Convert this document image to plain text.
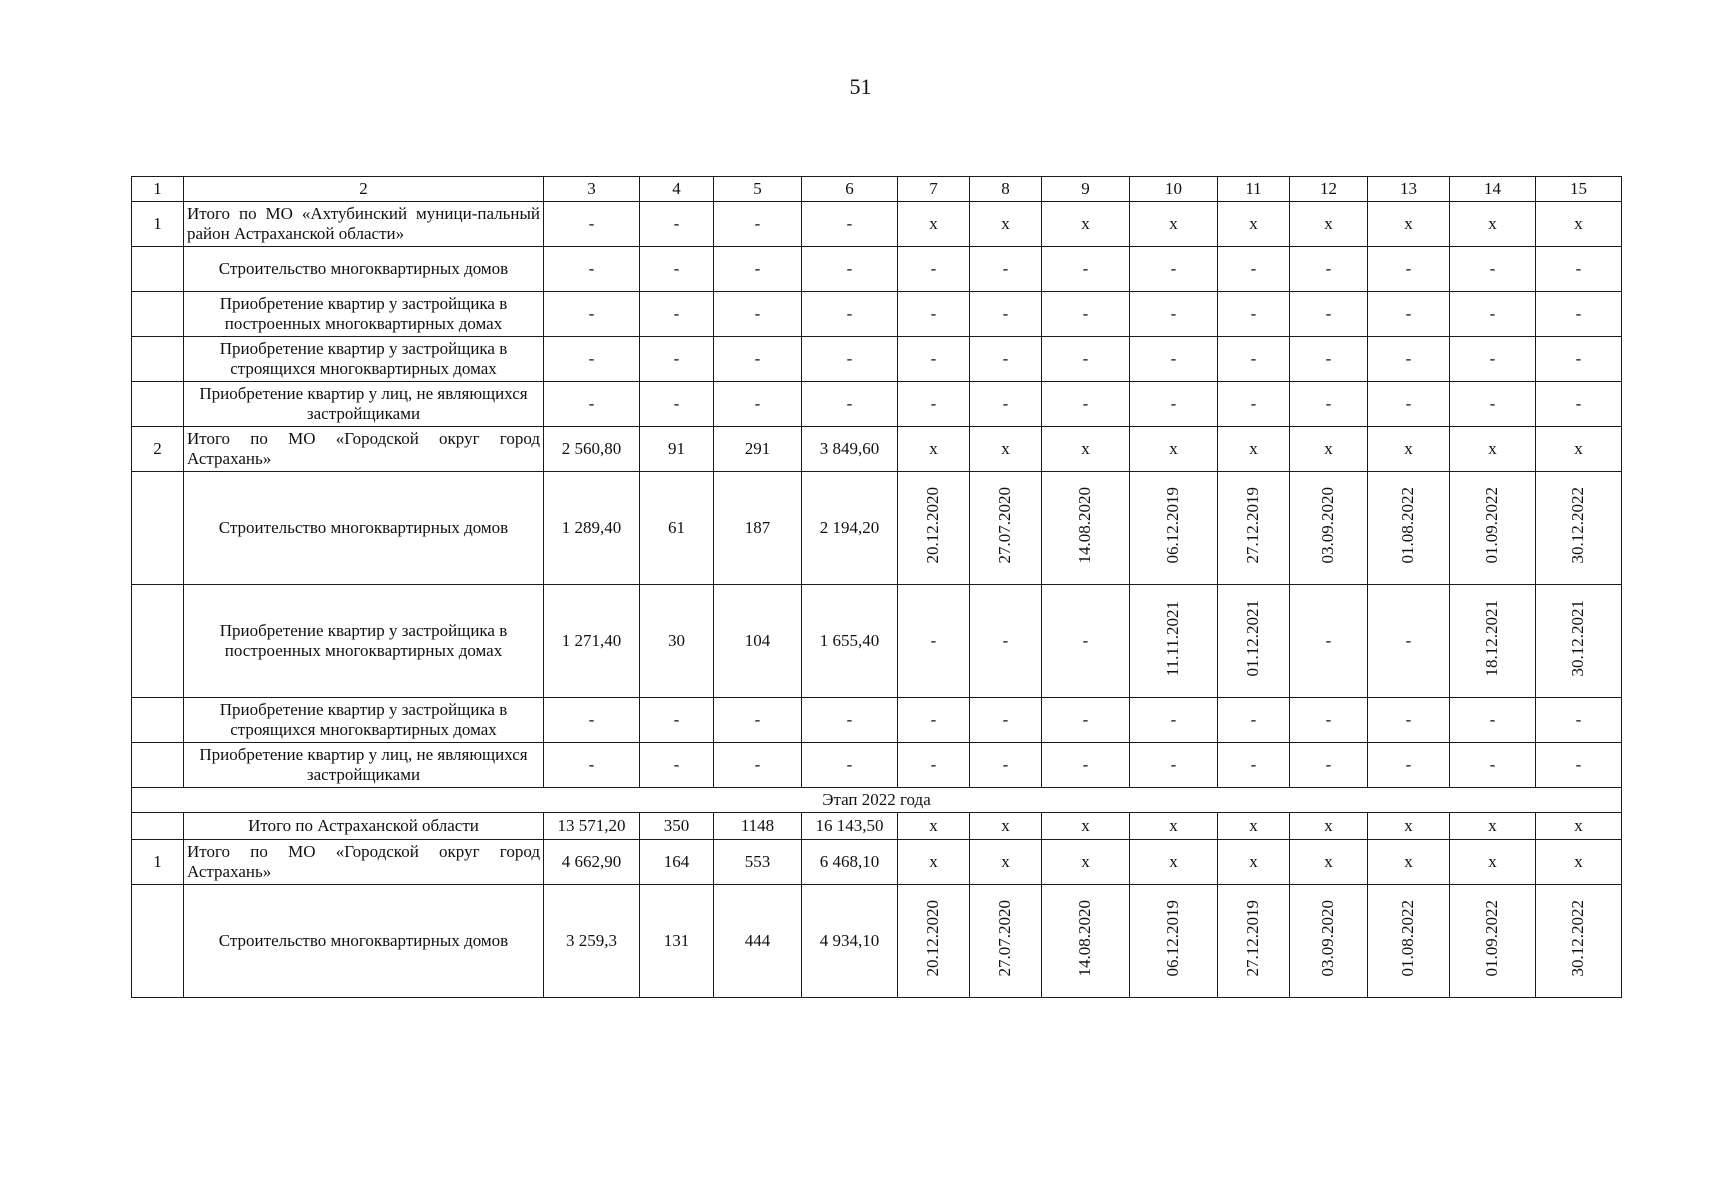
51
1	2	3	4	5	6	7	8	9	10	11	12	13	14	15
1	Итого по МО «Ахтубинский муници-пальный район Астраханской области»	-	-	-	-	x	x	x	x	x	x	x	x	x
	Строительство многоквартирных домов	-	-	-	-	-	-	-	-	-	-	-	-	-
	Приобретение квартир у застройщика в построенных многоквартирных домах	-	-	-	-	-	-	-	-	-	-	-	-	-
	Приобретение квартир у застройщика в строящихся многоквартирных домах	-	-	-	-	-	-	-	-	-	-	-	-	-
	Приобретение квартир у лиц, не являющихся застройщиками	-	-	-	-	-	-	-	-	-	-	-	-	-
2	Итого по МО «Городской округ город Астрахань»	2 560,80	91	291	3 849,60	x	x	x	x	x	x	x	x	x
	Строительство многоквартирных домов	1 289,40	61	187	2 194,20	20.12.2020	27.07.2020	14.08.2020	06.12.2019	27.12.2019	03.09.2020	01.08.2022	01.09.2022	30.12.2022
	Приобретение квартир у застройщика в построенных многоквартирных домах	1 271,40	30	104	1 655,40	-	-	-	11.11.2021	01.12.2021	-	-	18.12.2021	30.12.2021
	Приобретение квартир у застройщика в строящихся многоквартирных домах	-	-	-	-	-	-	-	-	-	-	-	-	-
	Приобретение квартир у лиц, не являющихся застройщиками	-	-	-	-	-	-	-	-	-	-	-	-	-
Этап 2022 года														
	Итого по Астраханской области	13 571,20	350	1148	16 143,50	x	x	x	x	x	x	x	x	x
1	Итого по МО «Городской округ город Астрахань»	4 662,90	164	553	6 468,10	x	x	x	x	x	x	x	x	x
	Строительство многоквартирных домов	3 259,3	131	444	4 934,10	20.12.2020	27.07.2020	14.08.2020	06.12.2019	27.12.2019	03.09.2020	01.08.2022	01.09.2022	30.12.2022
